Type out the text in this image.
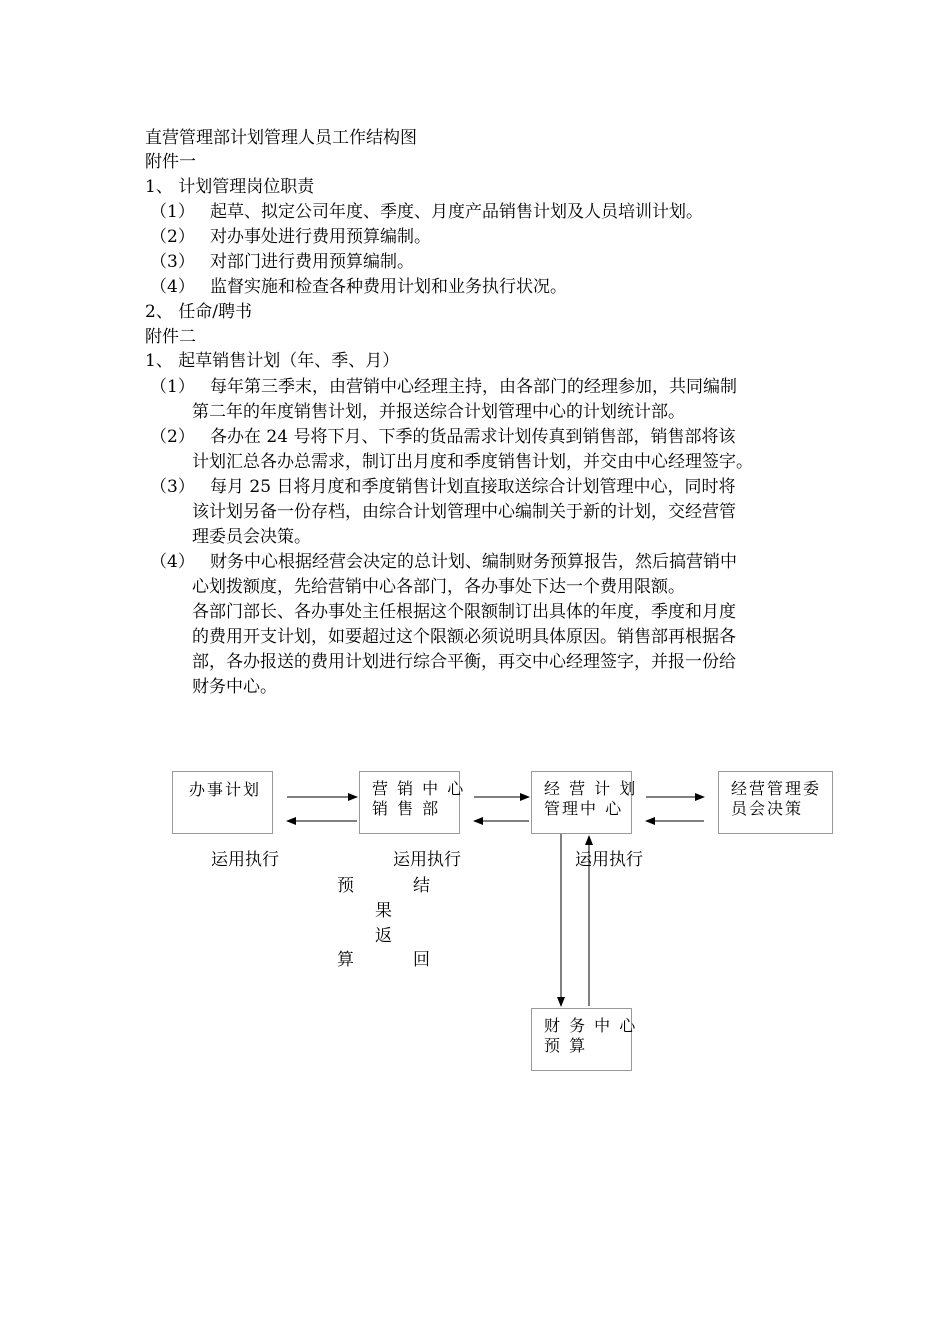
直营管理部计划管理人员工作结构图
附件一
1、 计划管理岗位职责
（1） 起草、拟定公司年度、季度、月度产品销售计划及人员培训计划。
（2） 对办事处进行费用预算编制。
（3） 对部门进行费用预算编制。
（4） 监督实施和检查各种费用计划和业务执行状况。
2、 任命/聘书
附件二
1、 起草销售计划（年、季、月）
（1） 每年第三季末，由营销中心经理主持，由各部门的经理参加，共同编制
第二年的年度销售计划，并报送综合计划管理中心的计划统计部。
（2） 各办在 24 号将下月、下季的货品需求计划传真到销售部，销售部将该
计划汇总各办总需求，制订出月度和季度销售计划，并交由中心经理签字。
（3） 每月 25 日将月度和季度销售计划直接取送综合计划管理中心，同时将
该计划另备一份存档，由综合计划管理中心编制关于新的计划，交经营管
理委员会决策。
（4） 财务中心根据经营会决定的总计划、编制财务预算报告，然后搞营销中
心划拨额度，先给营销中心各部门，各办事处下达一个费用限额。
各部门部长、各办事处主任根据这个限额制订出具体的年度，季度和月度
的费用开支计划，如要超过这个限额必须说明具体原因。销售部再根据各
部，各办报送的费用计划进行综合平衡，再交中心经理签字，并报一份给
财务中心。
办事计划	营 销 中 心
销 售 部
经 营 计 划
管理中 心
经营管理委
员会决策
财 务 中 心
预 算
运用执行	运用执行	运用执行
预
算
结
果
返
回
